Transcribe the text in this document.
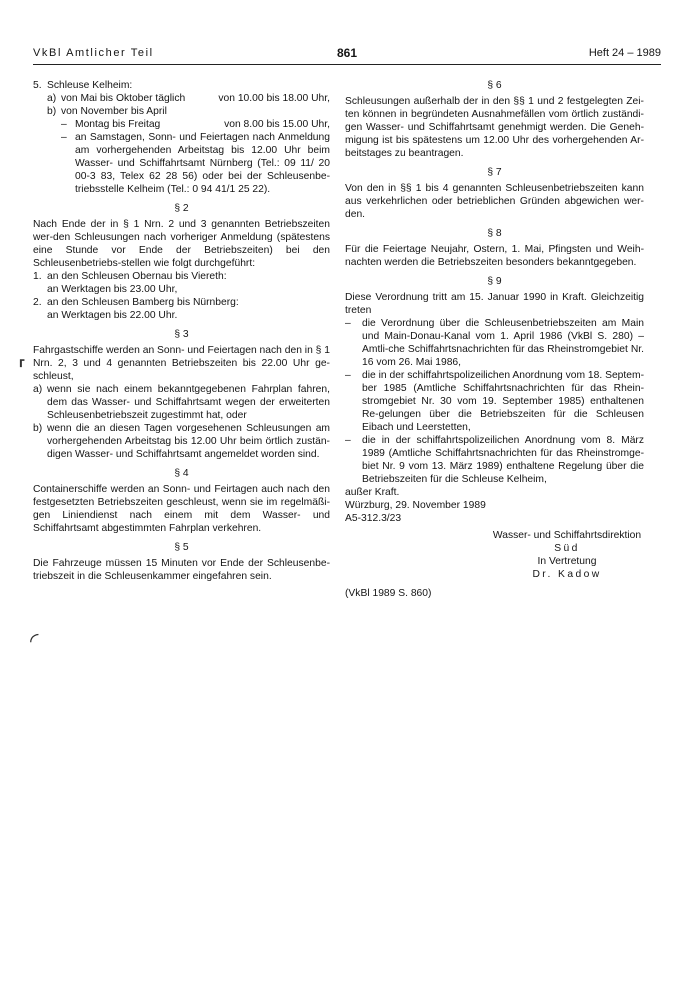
VkBl Amtlicher Teil	861	Heft 24 – 1989
5. Schleuse Kelheim:
a) von Mai bis Oktober täglich	von 10.00 bis 18.00 Uhr,
b) von November bis April
– Montag bis Freitag	von 8.00 bis 15.00 Uhr,
– an Samstagen, Sonn- und Feiertagen nach Anmeldung am vorhergehenden Arbeitstag bis 12.00 Uhr beim Wasser- und Schiffahrtsamt Nürnberg (Tel.: 09 11/ 20 00-3 83, Telex 62 28 56) oder bei der Schleusenbe-triebsstelle Kelheim (Tel.: 0 94 41/1 25 22).
§ 2

Nach Ende der in § 1 Nrn. 2 und 3 genannten Betriebszeiten wer-den Schleusungen nach vorheriger Anmeldung (spätestens eine Stunde vor Ende der Betriebszeiten) bei den Schleusenbetriebs-stellen wie folgt durchgeführt:

1. an den Schleusen Obernau bis Viereth:
an Werktagen bis 23.00 Uhr,
2. an den Schleusen Bamberg bis Nürnberg:
an Werktagen bis 22.00 Uhr.
§ 3

Fahrgastschiffe werden an Sonn- und Feiertagen nach den in § 1 Nrn. 2, 3 und 4 genannten Betriebszeiten bis 22.00 Uhr ge-schleust,

a) wenn sie nach einem bekanntgegebenen Fahrplan fahren, dem das Wasser- und Schiffahrtsamt wegen der erweiterten Schleusenbetriebszeit zugestimmt hat, oder
b) wenn die an diesen Tagen vorgesehenen Schleusungen am vorhergehenden Arbeitstag bis 12.00 Uhr beim örtlich zustän-digen Wasser- und Schiffahrtsamt angemeldet worden sind.
§ 4

Containerschiffe werden an Sonn- und Feirtagen auch nach den festgesetzten Betriebszeiten geschleust, wenn sie im regelmäßi-gen Liniendienst nach einem mit dem Wasser- und Schiffahrtsamt abgestimmten Fahrplan verkehren.

§ 5

Die Fahrzeuge müssen 15 Minuten vor Ende der Schleusenbe-triebszeit in die Schleusenkammer eingefahren sein.

§ 6

Schleusungen außerhalb der in den §§ 1 und 2 festgelegten Zei-ten können in begründeten Ausnahmefällen vom örtlich zuständi-gen Wasser- und Schiffahrtsamt genehmigt werden. Die Geneh-migung ist bis spätestens um 12.00 Uhr des vorhergehenden Ar-beitstages zu beantragen.

§ 7

Von den in §§ 1 bis 4 genannten Schleusenbetriebszeiten kann aus verkehrlichen oder betrieblichen Gründen abgewichen wer-den.

§ 8

Für die Feiertage Neujahr, Ostern, 1. Mai, Pfingsten und Weih-nachten werden die Betriebszeiten besonders bekanntgegeben.

§ 9

Diese Verordnung tritt am 15. Januar 1990 in Kraft. Gleichzeitig treten

–	die Verordnung über die Schleusenbetriebszeiten am Main und Main-Donau-Kanal vom 1. April 1986 (VkBl S. 280) – Amtli-che Schiffahrtsnachrichten für das Rheinstromgebiet Nr. 16 vom 26. Mai 1986,
–	die in der schiffahrtspolizeilichen Anordnung vom 18. Septem-ber 1985 (Amtliche Schiffahrtsnachrichten für das Rhein-stromgebiet Nr. 30 vom 19. September 1985) enthaltenen Re-gelungen über die Betriebszeiten für die Schleusen Eibach und Leerstetten,
–	die in der schiffahrtspolizeilichen Anordnung vom 8. März 1989 (Amtliche Schiffahrtsnachrichten für das Rheinstromge-biet Nr. 9 vom 13. März 1989) enthaltene Regelung über die Betriebszeiten für die Schleuse Kelheim,

außer Kraft.

Würzburg, 29. November 1989

A5-312.3/23

Wasser- und Schiffahrtsdirektion
Süd
In Vertretung
Dr. Kadow

(VkBl 1989 S. 860)

⸢
◜
